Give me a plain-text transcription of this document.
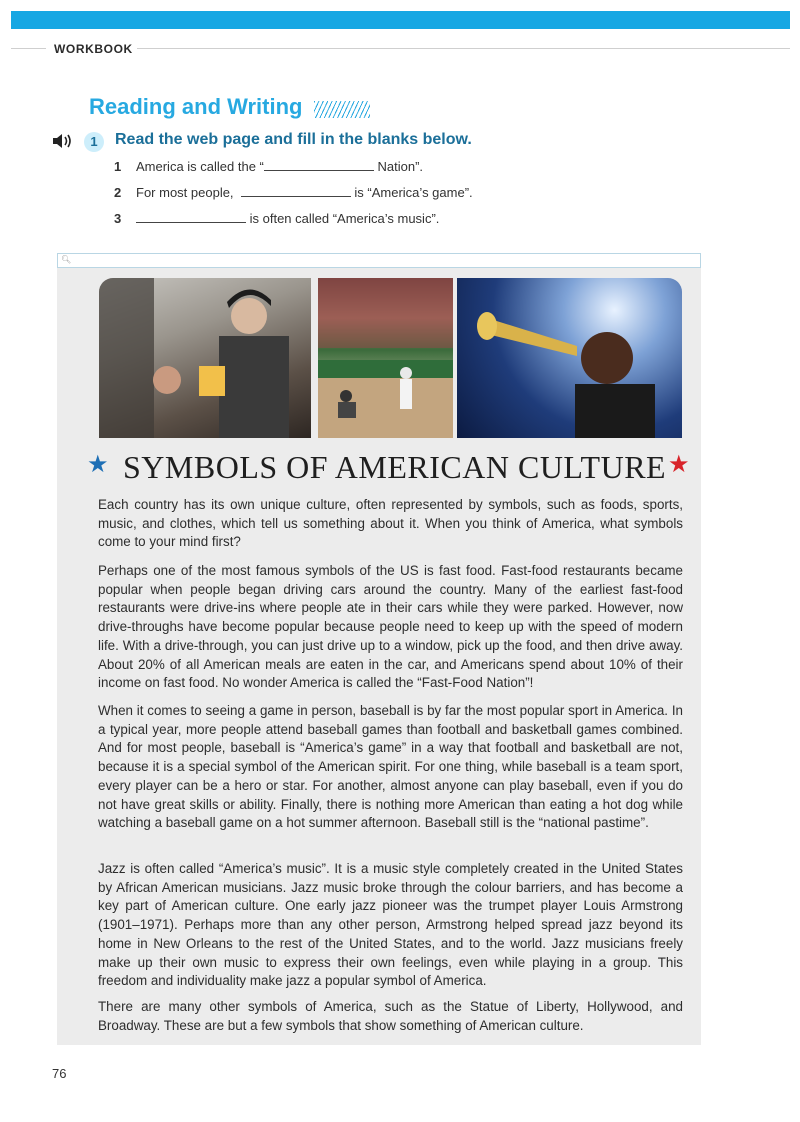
WORKBOOK
Reading and Writing
1	Read the web page and fill in the blanks below.
1 America is called the “	Nation”.
2 For most people,	is “America’s game”.
3	is often called “America’s music”.
🔍︎
★ SYMBOLS OF AMERICAN CULTURE ★

Each country has its own unique culture, often represented by symbols, such as foods, sports, music, and clothes, which tell us something about it. When you think of America, what symbols come to your mind first?

Perhaps one of the most famous symbols of the US is fast food. Fast-food restaurants became popular when people began driving cars around the country. Many of the earliest fast-food restaurants were drive-ins where people ate in their cars while they were parked. However, now drive-throughs have become popular because people need to keep up with the speed of modern life. With a drive-through, you can just drive up to a window, pick up the food, and then drive away. About 20% of all American meals are eaten in the car, and Americans spend about 10% of their income on fast food. No wonder America is called the “Fast-Food Nation”!

When it comes to seeing a game in person, baseball is by far the most popular sport in America. In a typical year, more people attend baseball games than football and basketball games combined. And for most people, baseball is “America’s game” in a way that football and basketball are not, because it is a special symbol of the American spirit. For one thing, while baseball is a team sport, every player can be a hero or star. For another, almost anyone can play baseball, even if you do not have great skills or ability. Finally, there is nothing more American than eating a hot dog while watching a baseball game on a hot summer afternoon. Baseball still is the “national pastime”.

Jazz is often called “America’s music”. It is a music style completely created in the United States by African American musicians. Jazz music broke through the colour barriers, and has become a key part of American culture. One early jazz pioneer was the trumpet player Louis Armstrong (1901–1971). Perhaps more than any other person, Armstrong helped spread jazz beyond its home in New Orleans to the rest of the United States, and to the world. Jazz musicians freely make up their own music to express their own feelings, even while playing in a group. This freedom and individuality make jazz a popular symbol of America.

There are many other symbols of America, such as the Statue of Liberty, Hollywood, and Broadway. These are but a few symbols that show something of American culture.

76
